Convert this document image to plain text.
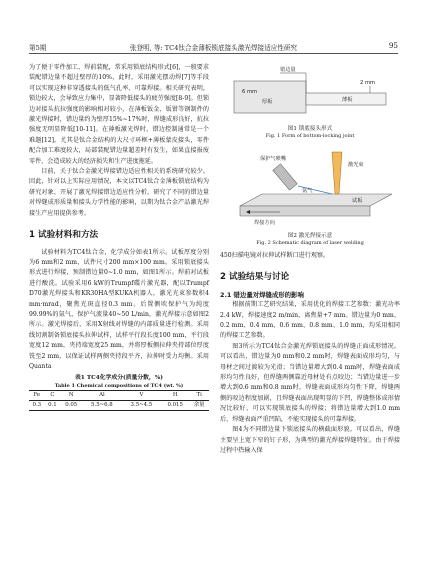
第5期	张登明, 等: TC4钛合金薄板锁底接头激光焊接适应性研究	95

为了便于零件加工、焊前装配，常采用锁底结构形式[6]，一般要求装配错边量不超过壁厚的10%，此时，采用激光摆动焊[7]等手段可以实现这种非穿透接头的低气孔率、可靠焊接。相关研究表明，锁边较大，会导致应力集中，显著降低接头的疲劳强度[8-9]。但锁边对接头抗拉强度的影响相对较小，在薄板钣金、钣钳等钢制件的激光焊接时，错边量约为壁厚15%~17%时，焊缝成形良好，抗拉强度无明显降低[10-11]。在薄板激光焊时，错边控制通常是一个难题[12]。尤其是钛合金结构的大尺寸环框+薄板蒙皮接头，零件配合加工难度较大，局部装配错边量超差时有发生，如果直接报废零件，会造成较大的经济损失和生产进度拖延。

目前，关于钛合金激光焊接错边适应性相关的系统研究较少。因此，针对以上实际应用情况，本文以TC4钛合金薄板锁底结构为研究对象，开展了激光焊接错边适应性分析，研究了不同的错边量对焊缝成形质量和接头力学性能的影响，以期为钛合金产品激光焊接生产应用提供参考。

1 试验材料和方法

试验材料为TC4钛合金，化学成分如表1所示。试板厚度分别为6 mm和2 mm，试件尺寸200 mm×100 mm。采用锁底接头形式进行焊接，预制错边量0~1.0 mm，如图1所示。焊前对试板进行酸洗。试验采用6 kW的Trumpf碟片激光器，配以Trumpf D70激光焊接头和KR30HA型KUKA机器人，激光光束参数积4 mm·mrad，聚焦光斑直径0.3 mm。后置侧吹保护气为纯度99.99%的氩气，保护气流量40~50 L/min，激光焊接示意如图2所示。激光焊接后，采用X射线对焊缝的内部质量进行检测。采用线切割制备锁底接头拉伸试样，试样平行段长度100 mm，平行段宽度12 mm，夹持端宽度25 mm，并将厚板侧拉伸夹持部位厚度铣至2 mm，以保证试样两侧夹持段平齐，拉伸时受力均衡。采用Quanta

表1 TC4化学成分(质量分数，%)
Table 1 Chemical compositions of TC4 (wt. %)
Fe	C	N	Al	V	H	Ti
0.3	0.1	0.05	5.5~6.8	3.5~4.5	0.015	余量
错边量
2 mm
薄板
6 mm
厚板
图1 锁底接头形式
Fig. 1 Form of bottom-locking joint
保护气喷嘴
激光束
氩气
焊接方向
试板
图2 激光焊接示意
Fig. 2 Schematic diagram of laser welding

450扫描电镜对拉伸试样断口进行观察。

2 试验结果与讨论
2.1 错边量对焊缝成形的影响

根据前期工艺研究结果，采用优化的焊接工艺参数：激光功率2.4 kW，焊接速度2 m/min，离焦量+7 mm。错边量为0 mm、0.2 mm、0.4 mm、0.6 mm、0.8 mm、1.0 mm，均采用相同的焊接工艺参数。

图3所示为TC4钛合金激光焊锁底接头的焊缝正面成形情况。可以看出，错边量为0 mm和0.2 mm时，焊缝表面成形均匀，与母材之间过渡较为光滑；当错边量增大到0.4 mm时，焊缝表面成形均匀性良好，但焊缝两侧靠近母材处有点咬边；当错边量进一步增大到0.6 mm和0.8 mm时，焊缝表面成形均匀性下降，焊缝两侧的咬边程度加剧，且焊缝表面出现明显的下凹，焊缝整体成形情况比较好，可以实现锁底接头的焊接；将错边量增大到1.0 mm后，焊缝表面严重凹陷，不能实现接头的可靠焊接。

图4为不同错边量下锁底接头的横截面形貌。可以看出，焊缝主要呈上宽下窄的钉子形，为典型的激光焊接焊缝特征。由于焊接过程中热输入保
